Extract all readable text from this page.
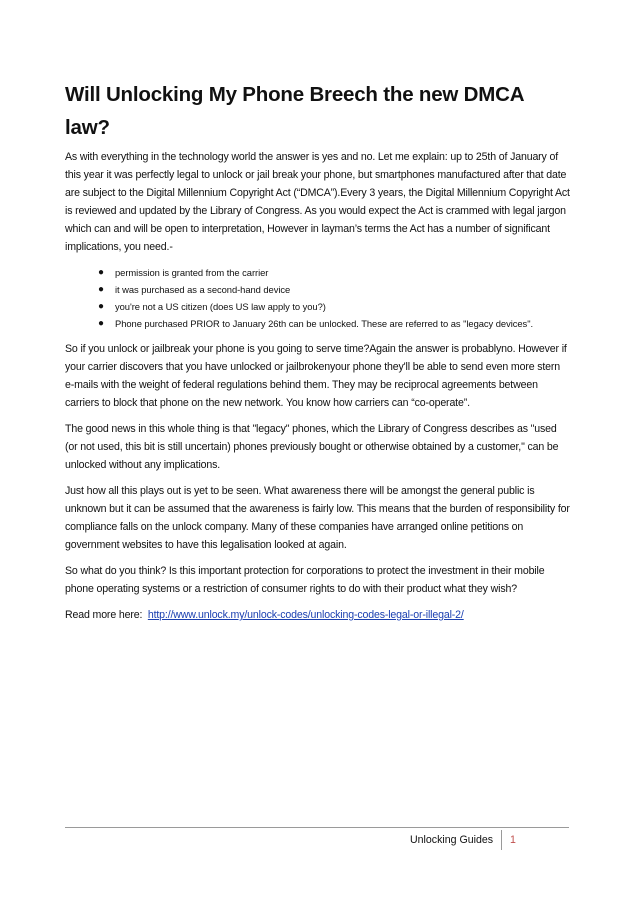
Will Unlocking My Phone Breech the new DMCA law?

As with everything in the technology world the answer is yes and no. Let me explain: up to 25th of January of this year it was perfectly legal to unlock or jail break your phone, but smartphones manufactured after that date are subject to the Digital Millennium Copyright Act (“DMCA”).Every 3 years, the Digital Millennium Copyright Act is reviewed and updated by the Library of Congress. As you would expect the Act is crammed with legal jargon which can and will be open to interpretation, However in layman’s terms the Act has a number of significant implications, you need.-

● permission is granted from the carrier
● it was purchased as a second-hand device
● you're not a US citizen (does US law apply to you?)
● Phone purchased PRIOR to January 26th can be unlocked. These are referred to as "legacy devices".

So if you unlock or jailbreak your phone is you going to serve time?Again the answer is probablyno. However if your carrier discovers that you have unlocked or jailbrokenyour phone they'll be able to send even more stern e-mails with the weight of federal regulations behind them. They may be reciprocal agreements between carriers to block that phone on the new network. You know how carriers can “co-operate”.

The good news in this whole thing is that "legacy" phones, which the Library of Congress describes as "used (or not used, this bit is still uncertain) phones previously bought or otherwise obtained by a customer," can be unlocked without any implications.

Just how all this plays out is yet to be seen. What awareness there will be amongst the general public is unknown but it can be assumed that the awareness is fairly low. This means that the burden of responsibility for compliance falls on the unlock company. Many of these companies have arranged online petitions on government websites to have this legalisation looked at again.

So what do you think? Is this important protection for corporations to protect the investment in their mobile phone operating systems or a restriction of consumer rights to do with their product what they wish?

Read more here: http://www.unlock.my/unlock-codes/unlocking-codes-legal-or-illegal-2/

Unlocking Guides	1
